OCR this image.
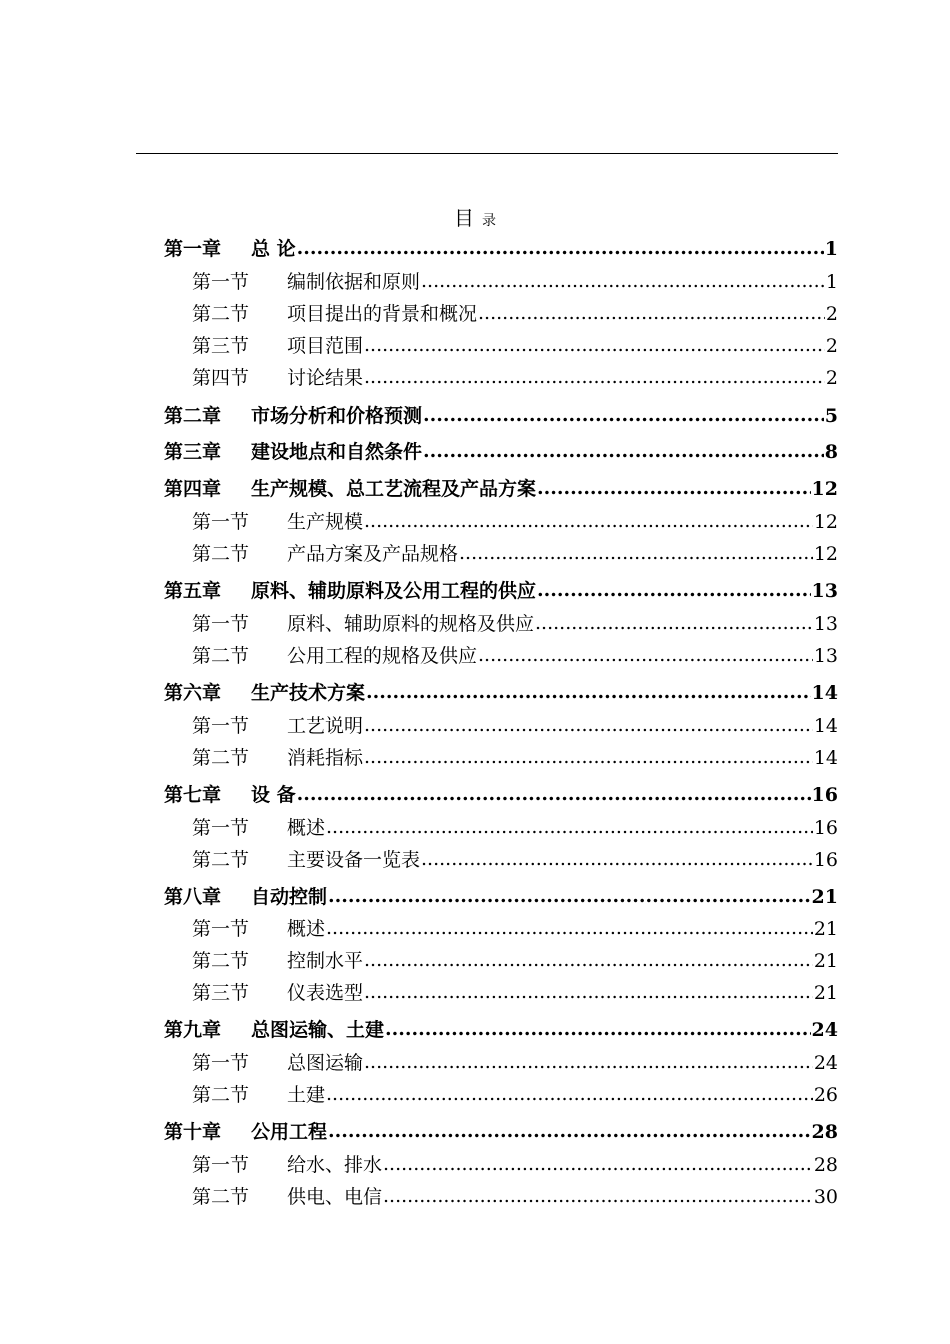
目 录
第一章	总 论 .....	1
第一节	编制依据和原则 .....	1
第二节	项目提出的背景和概况 .....	2
第三节	项目范围 .....	2
第四节	讨论结果 .....	2
第二章	市场分析和价格预测 .....	5
第三章	建设地点和自然条件 .....	8
第四章	生产规模、总工艺流程及产品方案 .....	12
第一节	生产规模 .....	12
第二节	产品方案及产品规格 .....	12
第五章	原料、辅助原料及公用工程的供应 .....	13
第一节	原料、辅助原料的规格及供应 .....	13
第二节	公用工程的规格及供应 .....	13
第六章	生产技术方案 .....	14
第一节	工艺说明 .....	14
第二节	消耗指标 .....	14
第七章	设 备 .....	16
第一节	概述 .....	16
第二节	主要设备一览表 .....	16
第八章	自动控制 .....	21
第一节	概述 .....	21
第二节	控制水平 .....	21
第三节	仪表选型 .....	21
第九章	总图运输、土建 .....	24
第一节	总图运输 .....	24
第二节	土建 .....	26
第十章	公用工程 .....	28
第一节	给水、排水 .....	28
第二节	供电、电信 .....	30
